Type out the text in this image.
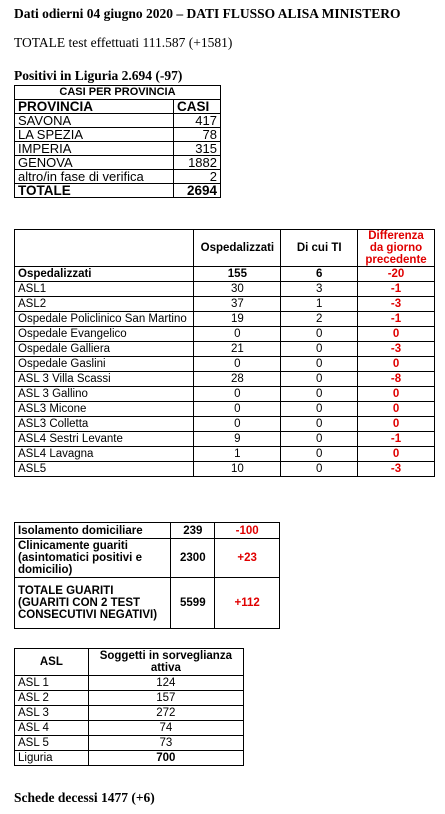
Dati odierni 04 giugno 2020 – DATI FLUSSO ALISA MINISTERO
TOTALE test effettuati 111.587 (+1581)
Positivi in Liguria 2.694 (-97)
CASI PER PROVINCIA	
PROVINCIA	CASI
SAVONA	417
LA SPEZIA	78
IMPERIA	315
GENOVA	1882
altro/in fase di verifica	2
TOTALE	2694
	Ospedalizzati	Di cui TI	Differenza da giorno precedente
Ospedalizzati	155	6	-20
ASL1	30	3	-1
ASL2	37	1	-3
Ospedale Policlinico San Martino	19	2	-1
Ospedale Evangelico	0	0	0
Ospedale Galliera	21	0	-3
Ospedale Gaslini	0	0	0
ASL 3 Villa Scassi	28	0	-8
ASL 3 Gallino	0	0	0
ASL3 Micone	0	0	0
ASL3 Colletta	0	0	0
ASL4 Sestri Levante	9	0	-1
ASL4 Lavagna	1	0	0
ASL5	10	0	-3
Isolamento domiciliare	239	-100
Clinicamente guariti (asintomatici positivi e domicilio)	2300	+23
TOTALE GUARITI (GUARITI CON 2 TEST CONSECUTIVI NEGATIVI)	5599	+112
ASL	Soggetti in sorveglianza attiva
ASL 1	124
ASL 2	157
ASL 3	272
ASL 4	74
ASL 5	73
Liguria	700
Schede decessi 1477 (+6)
